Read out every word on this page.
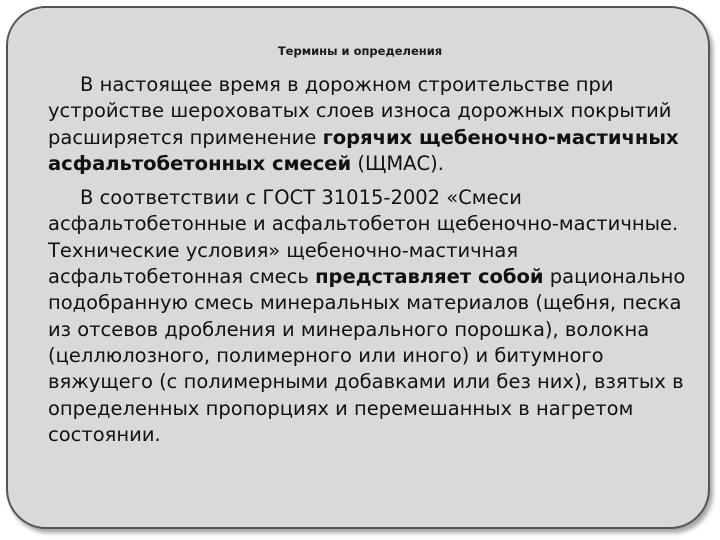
Термины и определения

В настоящее время в дорожном строительстве при устройстве шероховатых слоев износа дорожных покрытий расширяется применение горячих щебеночно-мастичных асфальтобетонных смесей (ЩМАС).

В соответствии с ГОСТ 31015-2002 «Смеси асфальтобетонные и асфальтобетон щебеночно-мастичные. Технические условия» щебеночно-мастичная асфальтобетонная смесь представляет собой рационально подобранную смесь минеральных материалов (щебня, песка из отсевов дробления и минерального порошка), волокна (целлюлозного, полимерного или иного) и битумного вяжущего (с полимерными добавками или без них), взятых в определенных пропорциях и перемешанных в нагретом состоянии.
